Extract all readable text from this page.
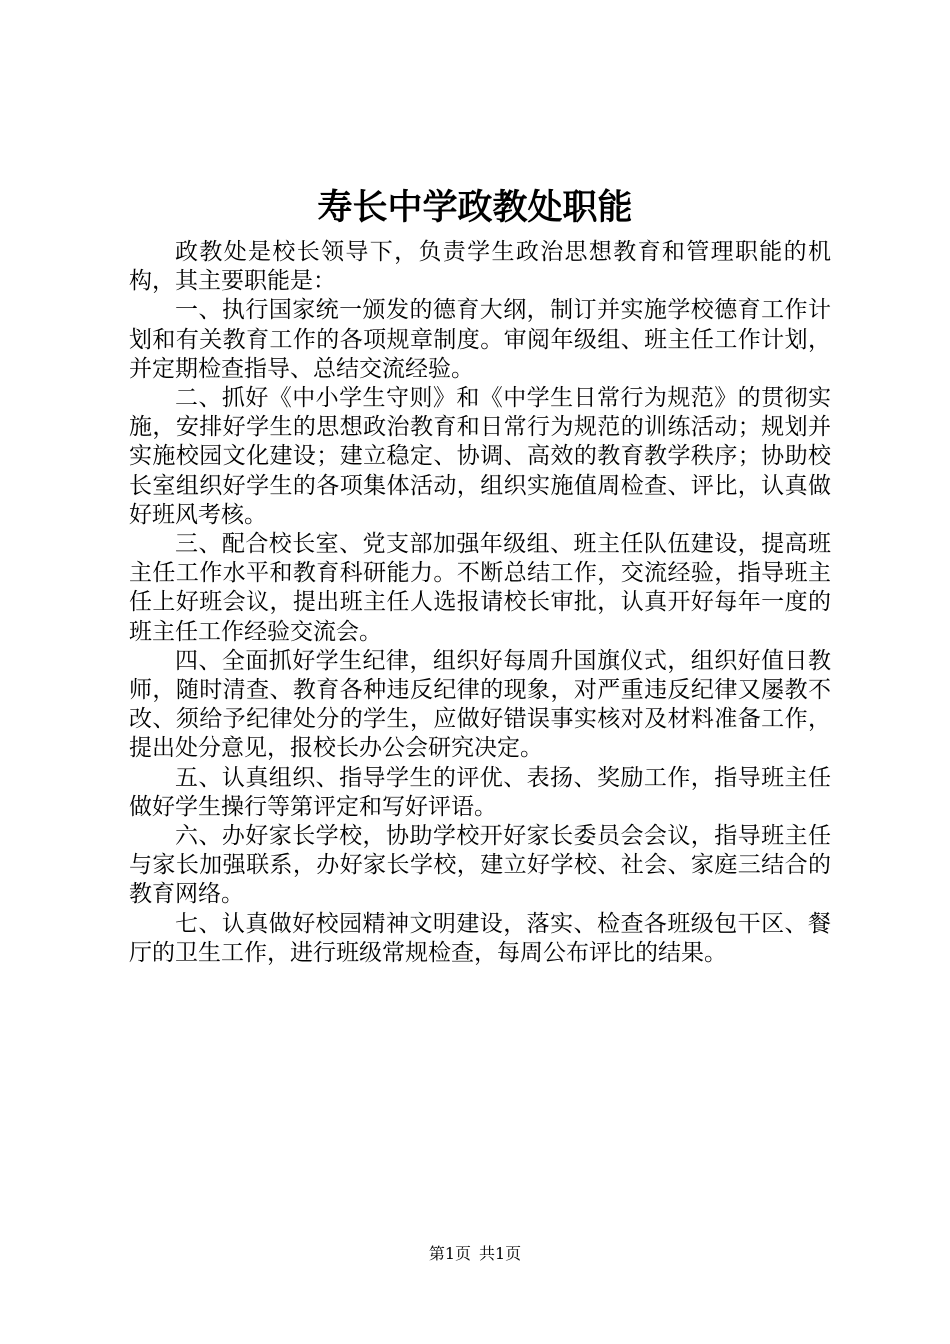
寿长中学政教处职能

政教处是校长领导下，负责学生政治思想教育和管理职能的机构，其主要职能是：

一、执行国家统一颁发的德育大纲，制订并实施学校德育工作计划和有关教育工作的各项规章制度。审阅年级组、班主任工作计划，并定期检查指导、总结交流经验。

二、抓好《中小学生守则》和《中学生日常行为规范》的贯彻实施，安排好学生的思想政治教育和日常行为规范的训练活动；规划并实施校园文化建设；建立稳定、协调、高效的教育教学秩序；协助校长室组织好学生的各项集体活动，组织实施值周检查、评比，认真做好班风考核。

三、配合校长室、党支部加强年级组、班主任队伍建设，提高班主任工作水平和教育科研能力。不断总结工作，交流经验，指导班主任上好班会议，提出班主任人选报请校长审批，认真开好每年一度的班主任工作经验交流会。

四、全面抓好学生纪律，组织好每周升国旗仪式，组织好值日教师，随时清查、教育各种违反纪律的现象，对严重违反纪律又屡教不改、须给予纪律处分的学生，应做好错误事实核对及材料准备工作，提出处分意见，报校长办公会研究决定。

五、认真组织、指导学生的评优、表扬、奖励工作，指导班主任做好学生操行等第评定和写好评语。

六、办好家长学校，协助学校开好家长委员会会议，指导班主任与家长加强联系，办好家长学校，建立好学校、社会、家庭三结合的教育网络。

七、认真做好校园精神文明建设，落实、检查各班级包干区、餐厅的卫生工作，进行班级常规检查，每周公布评比的结果。

第1页 共1页
